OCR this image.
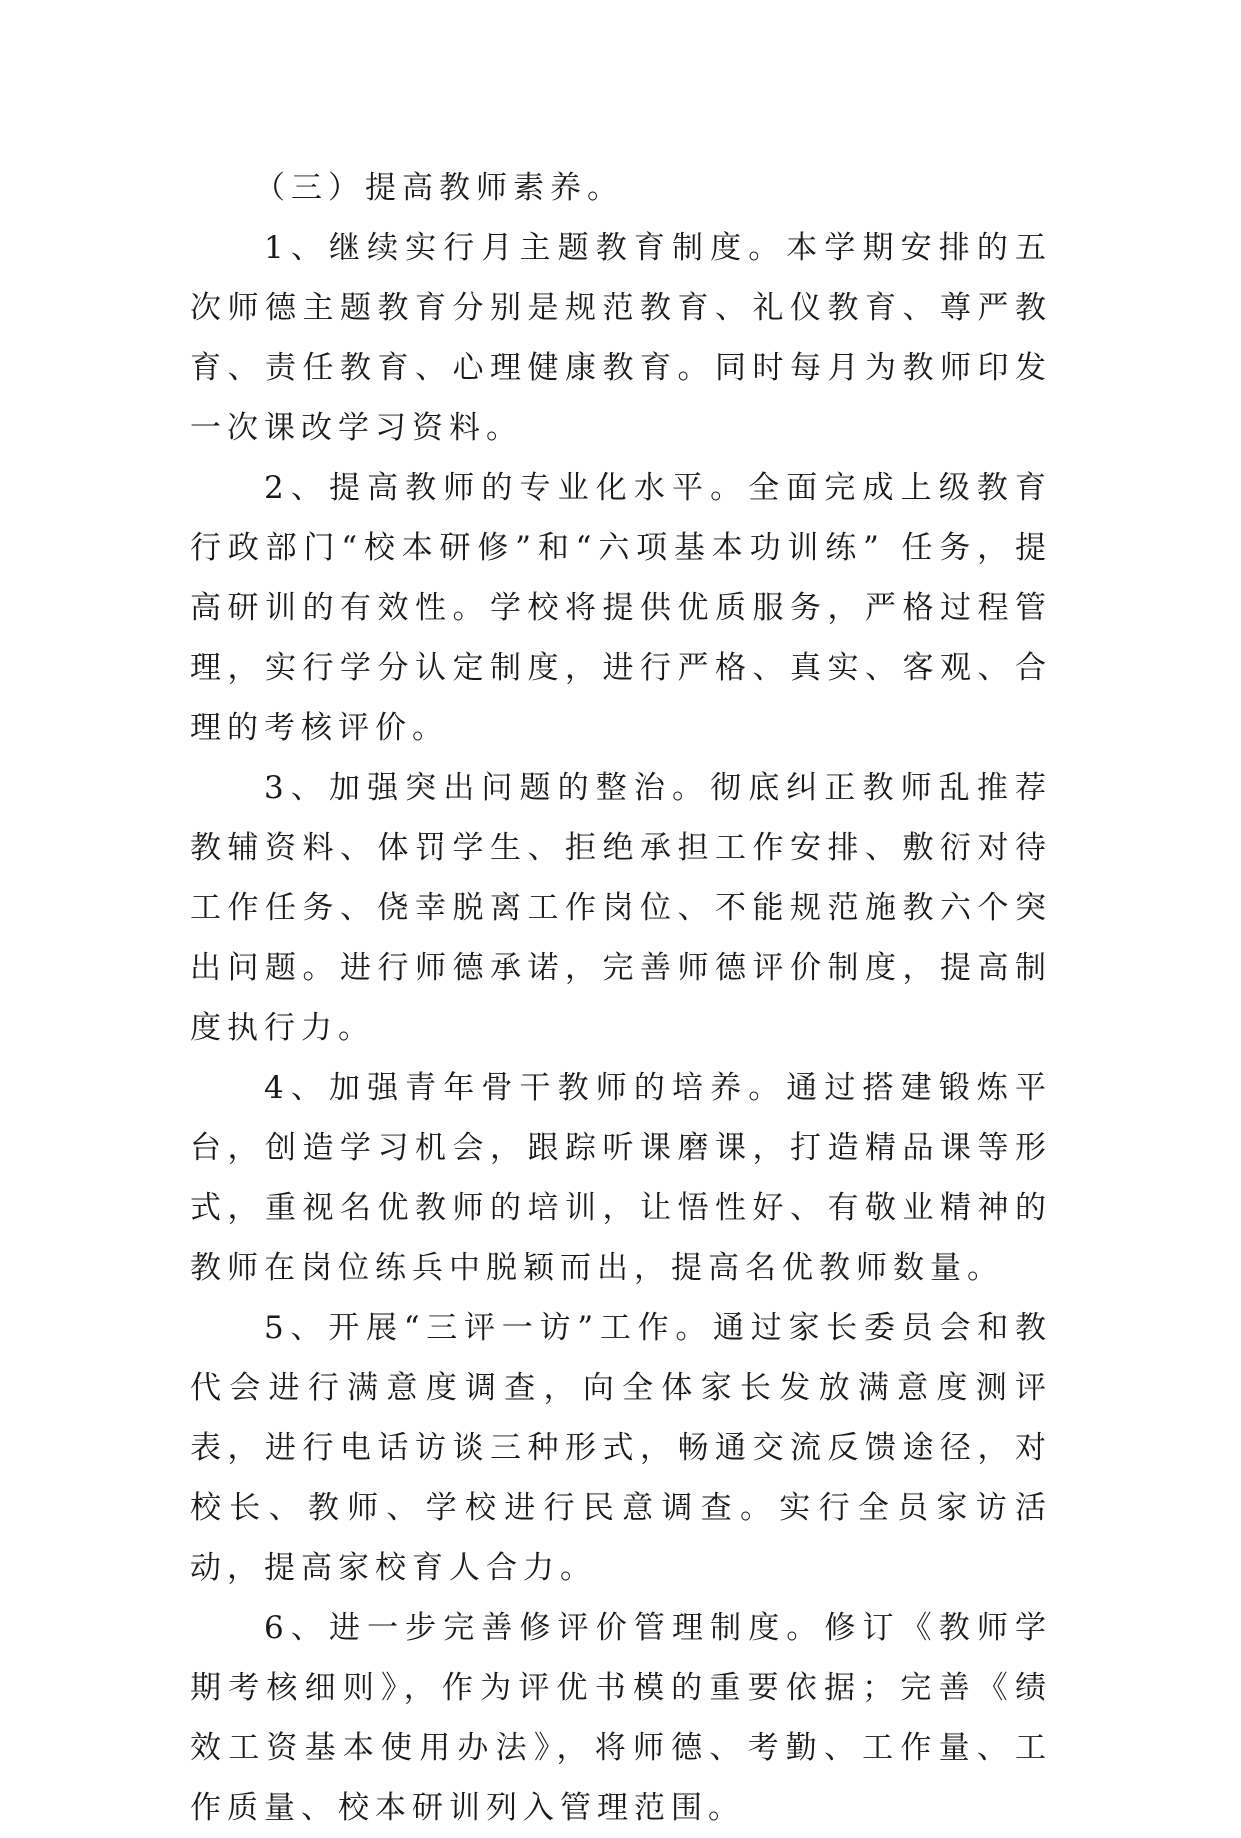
（三）提高教师素养。

1、继续实行月主题教育制度。本学期安排的五次师德主题教育分别是规范教育、礼仪教育、尊严教育、责任教育、心理健康教育。同时每月为教师印发一次课改学习资料。

2、提高教师的专业化水平。全面完成上级教育行政部门“校本研修”和“六项基本功训练” 任务，提高研训的有效性。学校将提供优质服务，严格过程管理，实行学分认定制度，进行严格、真实、客观、合理的考核评价。

3、加强突出问题的整治。彻底纠正教师乱推荐教辅资料、体罚学生、拒绝承担工作安排、敷衍对待工作任务、侥幸脱离工作岗位、不能规范施教六个突出问题。进行师德承诺，完善师德评价制度，提高制度执行力。

4、加强青年骨干教师的培养。通过搭建锻炼平台，创造学习机会，跟踪听课磨课，打造精品课等形式，重视名优教师的培训，让悟性好、有敬业精神的教师在岗位练兵中脱颖而出，提高名优教师数量。

5、开展“三评一访”工作。通过家长委员会和教代会进行满意度调查，向全体家长发放满意度测评表，进行电话访谈三种形式，畅通交流反馈途径，对校长、教师、学校进行民意调查。实行全员家访活动，提高家校育人合力。

6、进一步完善修评价管理制度。修订《教师学期考核细则》，作为评优书模的重要依据；完善《绩效工资基本使用办法》，将师德、考勤、工作量、工作质量、校本研训列入管理范围。
